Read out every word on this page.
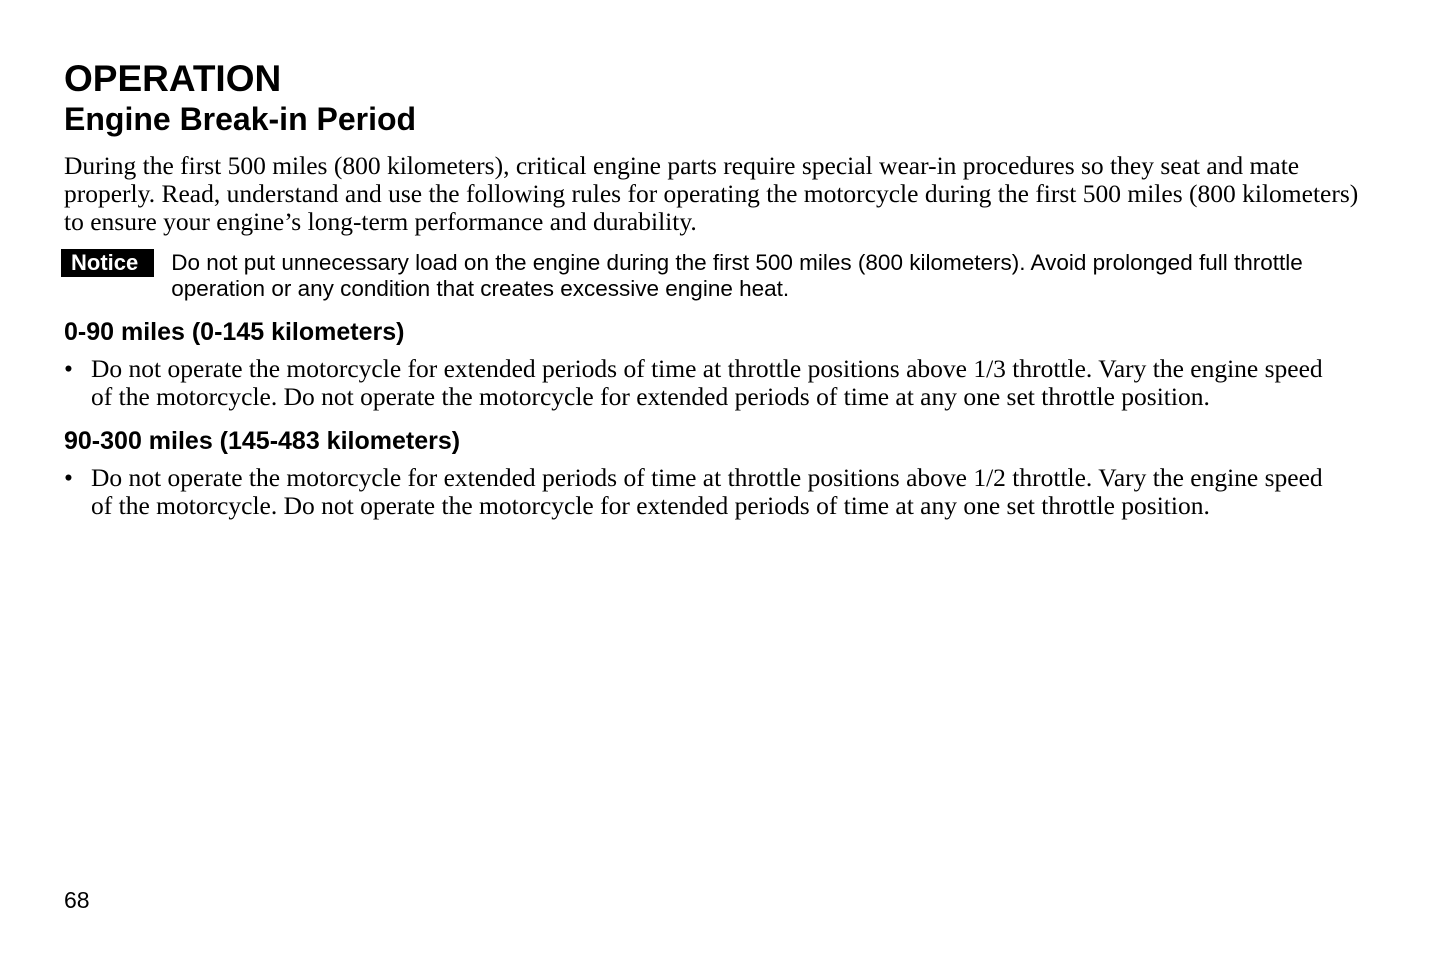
OPERATION
Engine Break-in Period

During the first 500 miles (800 kilometers), critical engine parts require special wear-in procedures so they seat and mate properly. Read, understand and use the following rules for operating the motorcycle during the first 500 miles (800 kilometers) to ensure your engine’s long-term performance and durability.

Notice	Do not put unnecessary load on the engine during the first 500 miles (800 kilometers). Avoid prolonged full throttle operation or any condition that creates excessive engine heat.

0-90 miles (0-145 kilometers)
• Do not operate the motorcycle for extended periods of time at throttle positions above 1/3 throttle. Vary the engine speed of the motorcycle. Do not operate the motorcycle for extended periods of time at any one set throttle position.

90-300 miles (145-483 kilometers)
• Do not operate the motorcycle for extended periods of time at throttle positions above 1/2 throttle. Vary the engine speed of the motorcycle. Do not operate the motorcycle for extended periods of time at any one set throttle position.

68
